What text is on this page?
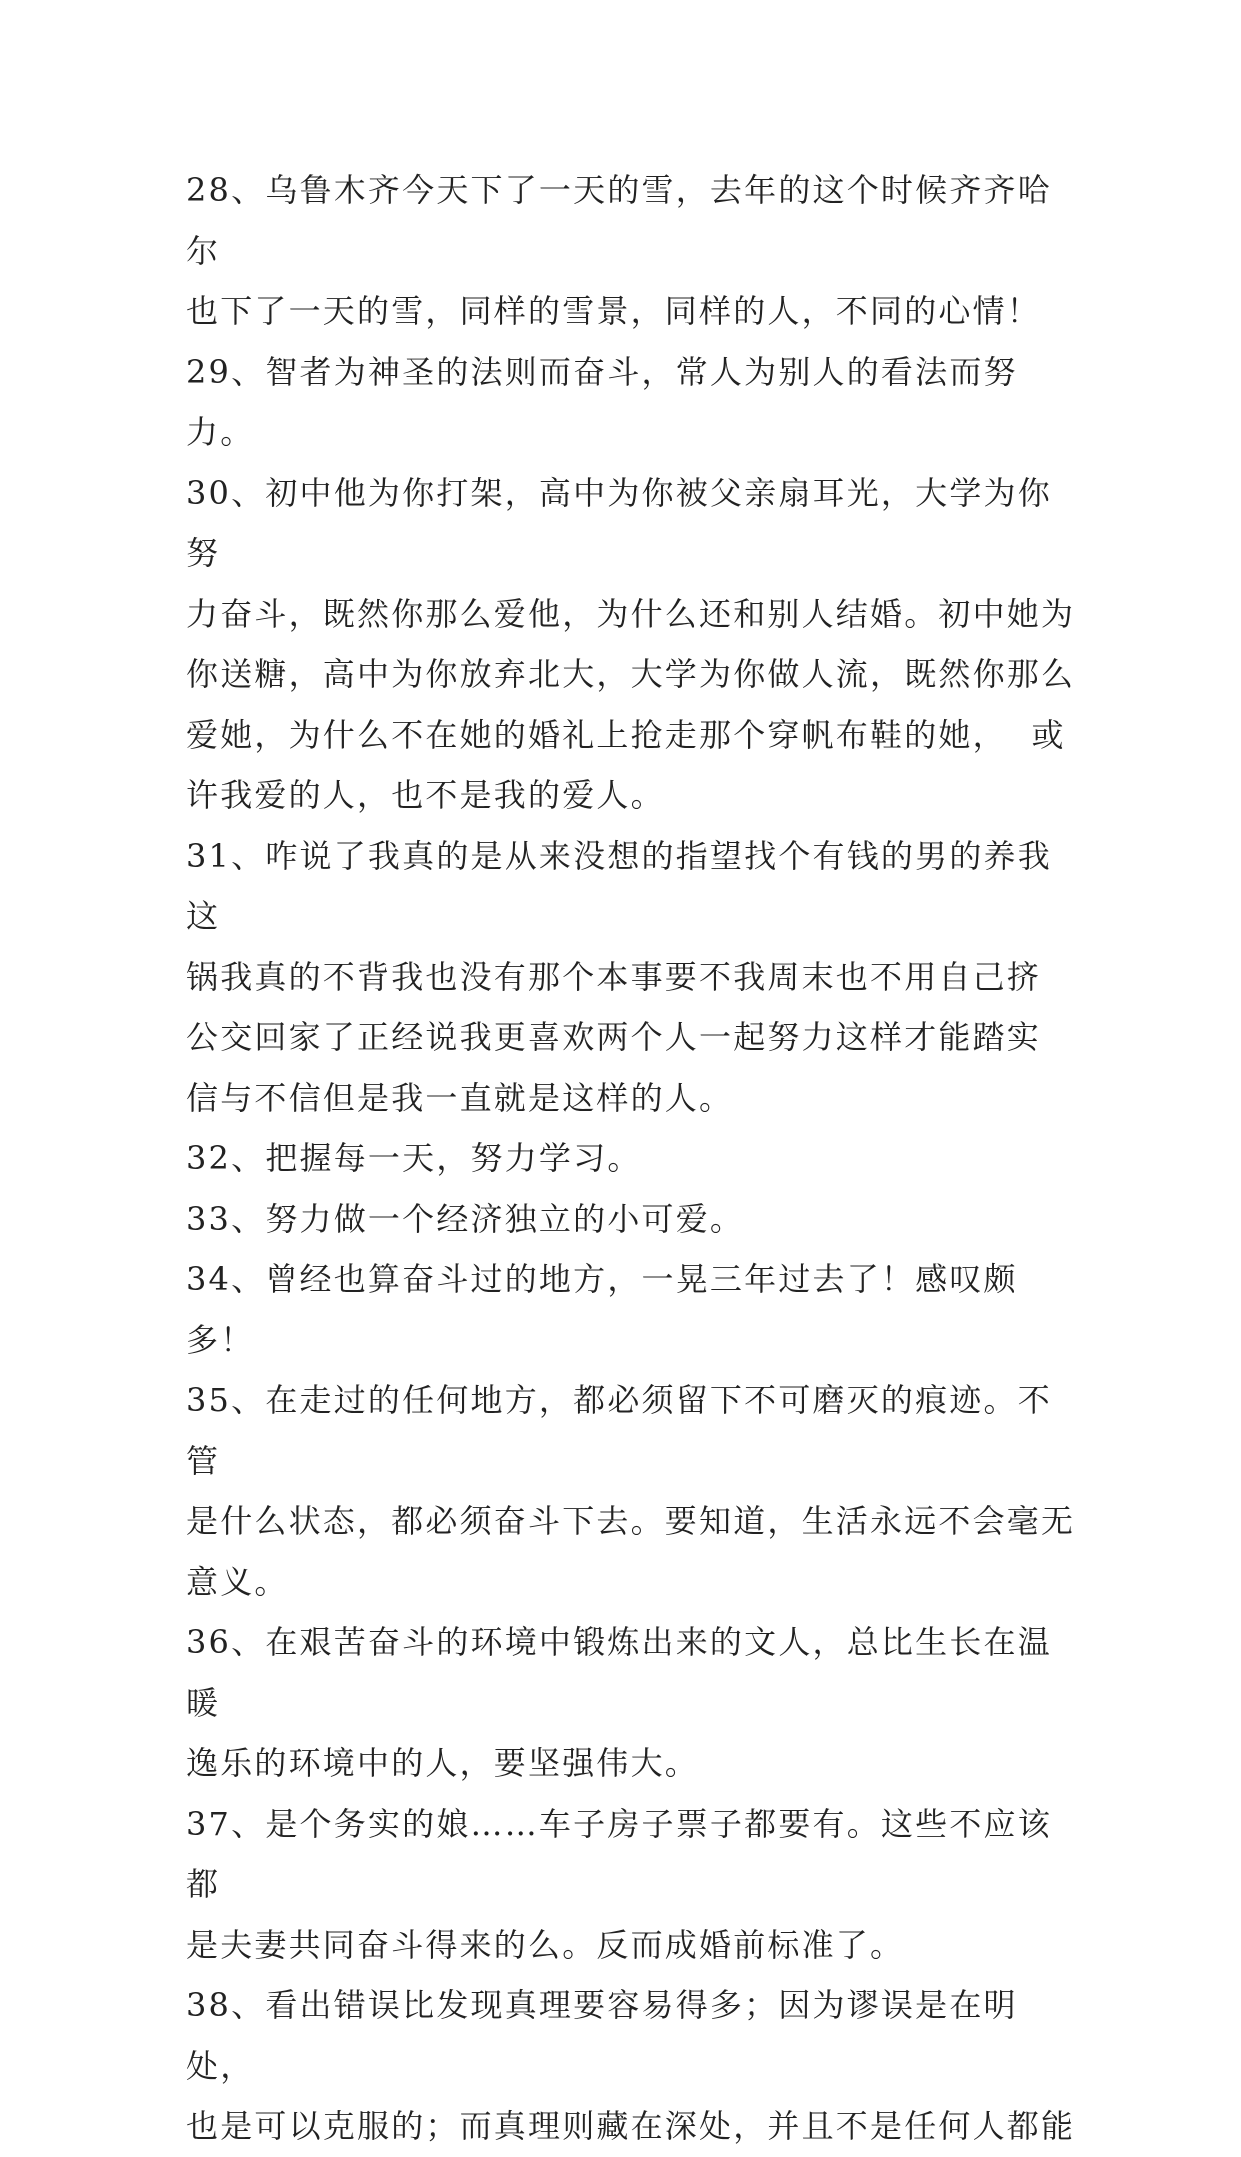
28、乌鲁木齐今天下了一天的雪，去年的这个时候齐齐哈尔
也下了一天的雪，同样的雪景，同样的人，不同的心情！

29、智者为神圣的法则而奋斗，常人为别人的看法而努力。

30、初中他为你打架，高中为你被父亲扇耳光，大学为你努
力奋斗，既然你那么爱他，为什么还和别人结婚。初中她为
你送糖，高中为你放弃北大，大学为你做人流，既然你那么
爱她，为什么不在她的婚礼上抢走那个穿帆布鞋的她，  或
许我爱的人，也不是我的爱人。

31、咋说了我真的是从来没想的指望找个有钱的男的养我这
锅我真的不背我也没有那个本事要不我周末也不用自己挤
公交回家了正经说我更喜欢两个人一起努力这样才能踏实
信与不信但是我一直就是这样的人。

32、把握每一天，努力学习。

33、努力做一个经济独立的小可爱。

34、曾经也算奋斗过的地方，一晃三年过去了！感叹颇多！

35、在走过的任何地方，都必须留下不可磨灭的痕迹。不管
是什么状态，都必须奋斗下去。要知道，生活永远不会毫无
意义。

36、在艰苦奋斗的环境中锻炼出来的文人，总比生长在温暖
逸乐的环境中的人，要坚强伟大。

37、是个务实的娘……车子房子票子都要有。这些不应该都
是夫妻共同奋斗得来的么。反而成婚前标准了。

38、看出错误比发现真理要容易得多；因为谬误是在明处，
也是可以克服的；而真理则藏在深处，并且不是任何人都能
